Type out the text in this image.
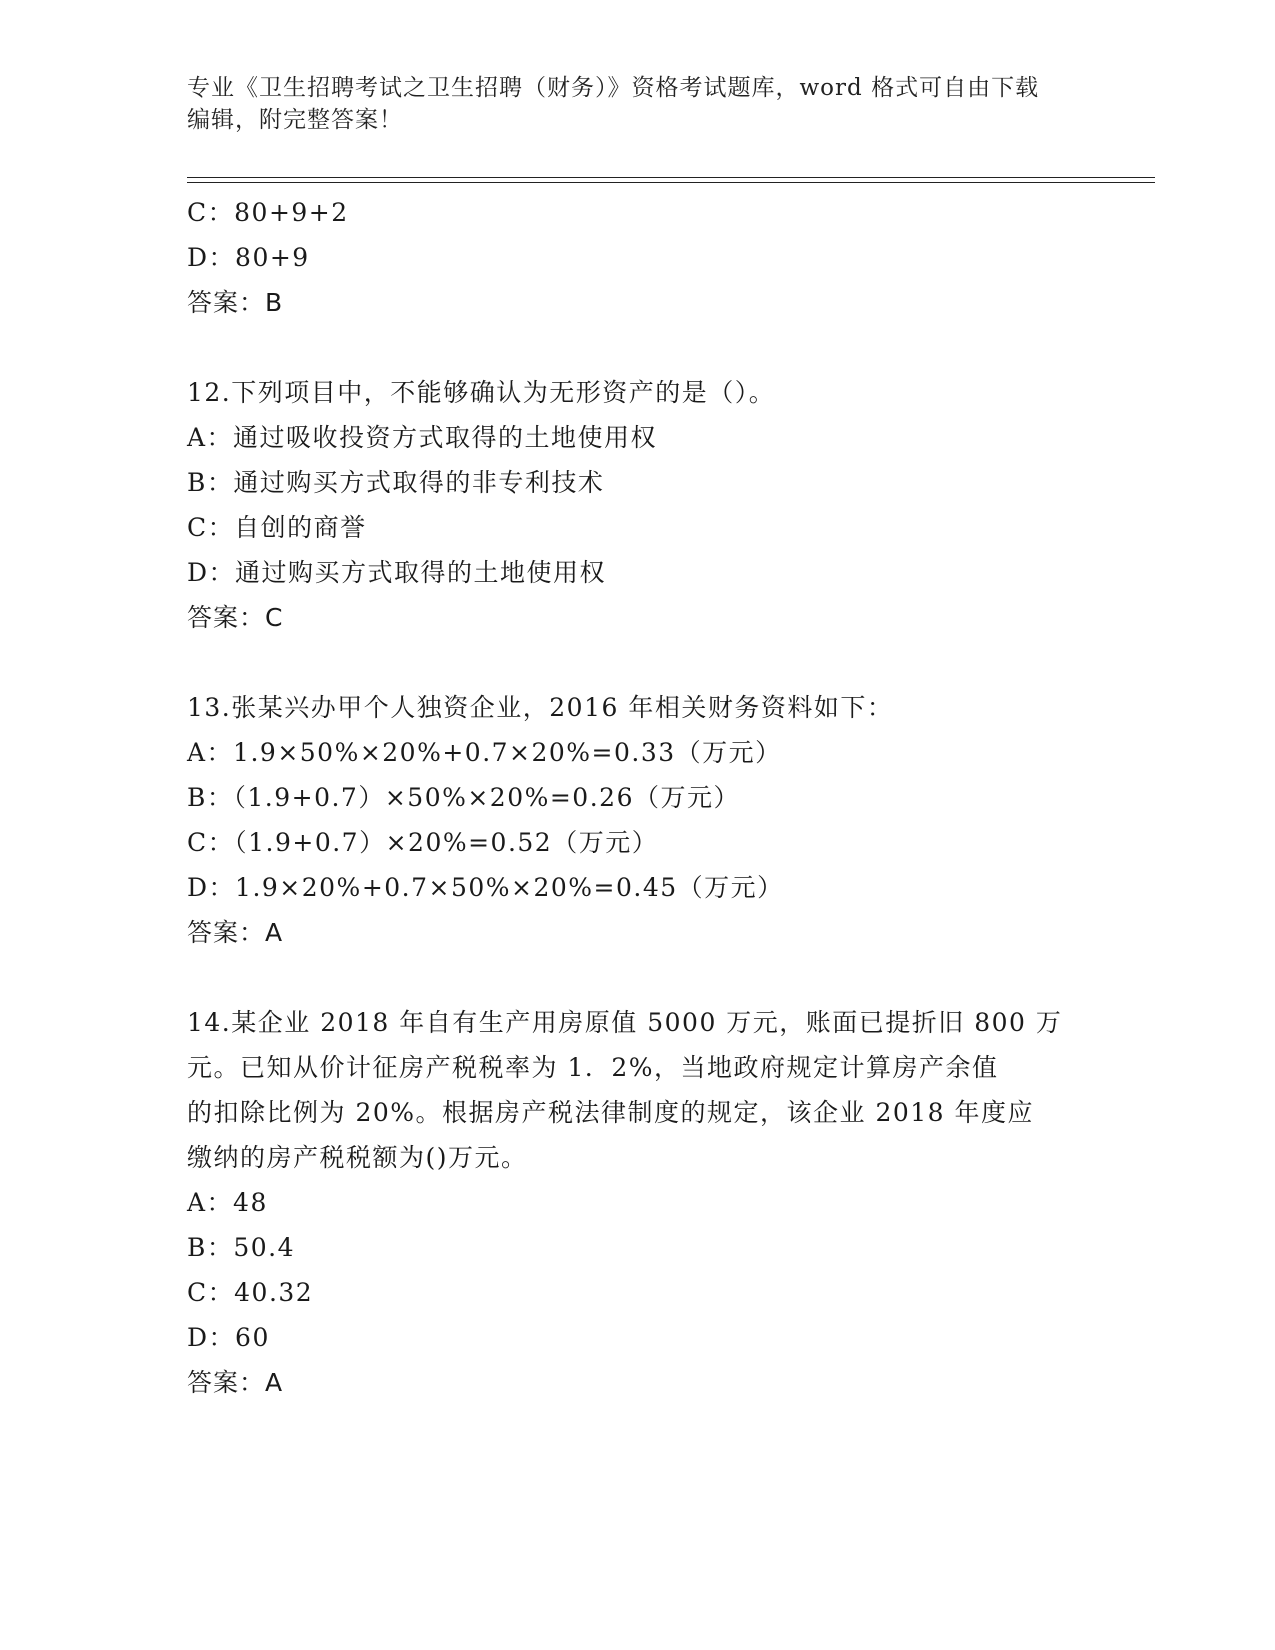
专业《卫生招聘考试之卫生招聘（财务）》资格考试题库，word 格式可自由下载
编辑，附完整答案！
C：80+9+2
D：80+9
答案：B
12.下列项目中，不能够确认为无形资产的是（）。
A：通过吸收投资方式取得的土地使用权
B：通过购买方式取得的非专利技术
C：自创的商誉
D：通过购买方式取得的土地使用权
答案：C
13.张某兴办甲个人独资企业，2016 年相关财务资料如下：
A：1.9×50%×20%+0.7×20%=0.33（万元）
B：（1.9+0.7）×50%×20%=0.26（万元）
C：（1.9+0.7）×20%=0.52（万元）
D：1.9×20%+0.7×50%×20%=0.45（万元）
答案：A
14.某企业 2018 年自有生产用房原值 5000 万元，账面已提折旧 800 万
元。已知从价计征房产税税率为 1．2%，当地政府规定计算房产余值
的扣除比例为 20%。根据房产税法律制度的规定，该企业 2018 年度应
缴纳的房产税税额为()万元。
A：48
B：50.4
C：40.32
D：60
答案：A
